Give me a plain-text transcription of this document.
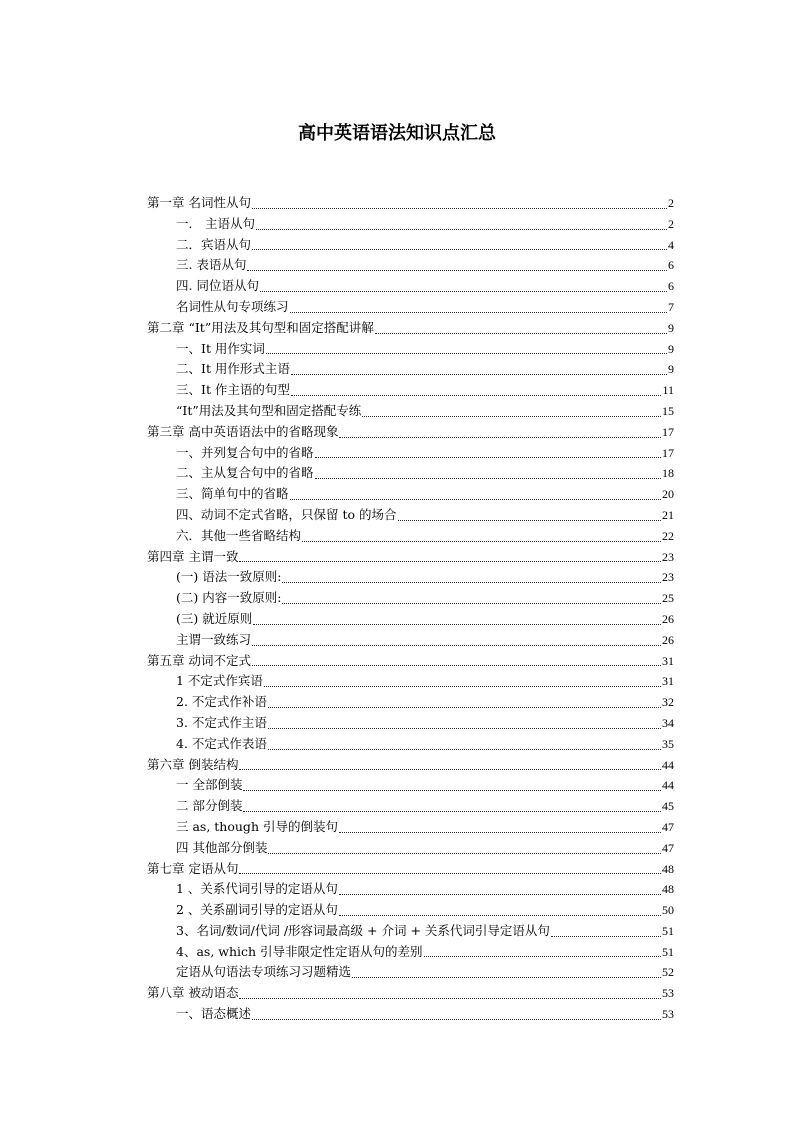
高中英语语法知识点汇总
第一章 名词性从句	2
一． 主语从句	2
二．宾语从句	4
三. 表语从句	6
四. 同位语从句	6
名词性从句专项练习	7
第二章 “It”用法及其句型和固定搭配讲解	9
一、It 用作实词	9
二、It 用作形式主语	9
三、It 作主语的句型	11
“It”用法及其句型和固定搭配专练	15
第三章 高中英语语法中的省略现象	17
一、并列复合句中的省略	17
二、主从复合句中的省略	18
三、简单句中的省略	20
四、动词不定式省略，只保留 to 的场合	21
六．其他一些省略结构	22
第四章 主谓一致	23
(一) 语法一致原则:	23
(二) 内容一致原则:	25
(三) 就近原则	26
主谓一致练习	26
第五章 动词不定式	31
1 不定式作宾语	31
2. 不定式作补语	32
3. 不定式作主语	34
4. 不定式作表语	35
第六章 倒装结构	44
一 全部倒装	44
二 部分倒装	45
三 as, though 引导的倒装句	47
四 其他部分倒装	47
第七章 定语从句	48
1 、关系代词引导的定语从句	48
2 、关系副词引导的定语从句	50
3、名词/数词/代词 /形容词最高级 + 介词 + 关系代词引导定语从句	51
4、as, which 引导非限定性定语从句的差别	51
定语从句语法专项练习习题精选	52
第八章 被动语态	53
一、语态概述	53
